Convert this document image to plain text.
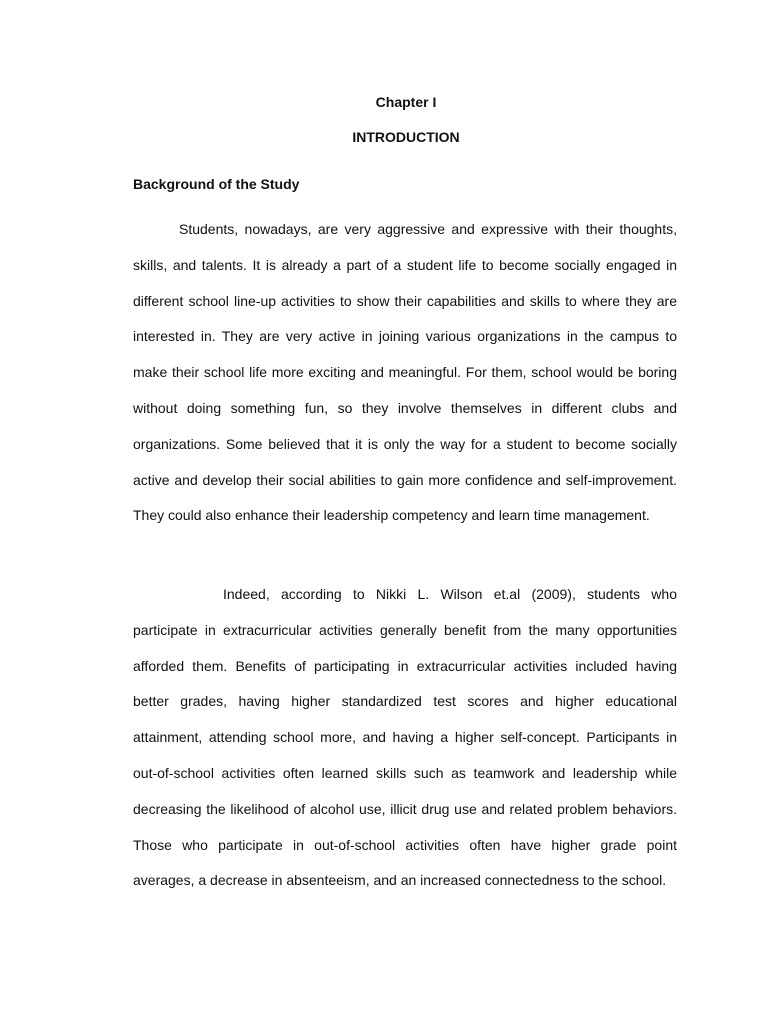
Chapter I
INTRODUCTION
Background of the Study

Students, nowadays, are very aggressive and expressive with their thoughts, skills, and talents. It is already a part of a student life to become socially engaged in different school line-up activities to show their capabilities and skills to where they are interested in. They are very active in joining various organizations in the campus to make their school life more exciting and meaningful. For them, school would be boring without doing something fun, so they involve themselves in different clubs and organizations. Some believed that it is only the way for a student to become socially active and develop their social abilities to gain more confidence and self-improvement. They could also enhance their leadership competency and learn time management.

Indeed, according to Nikki L. Wilson et.al (2009), students who participate in extracurricular activities generally benefit from the many opportunities afforded them. Benefits of participating in extracurricular activities included having better grades, having higher standardized test scores and higher educational attainment, attending school more, and having a higher self-concept. Participants in out-of-school activities often learned skills such as teamwork and leadership while decreasing the likelihood of alcohol use, illicit drug use and related problem behaviors. Those who participate in out-of-school activities often have higher grade point averages, a decrease in absenteeism, and an increased connectedness to the school.
